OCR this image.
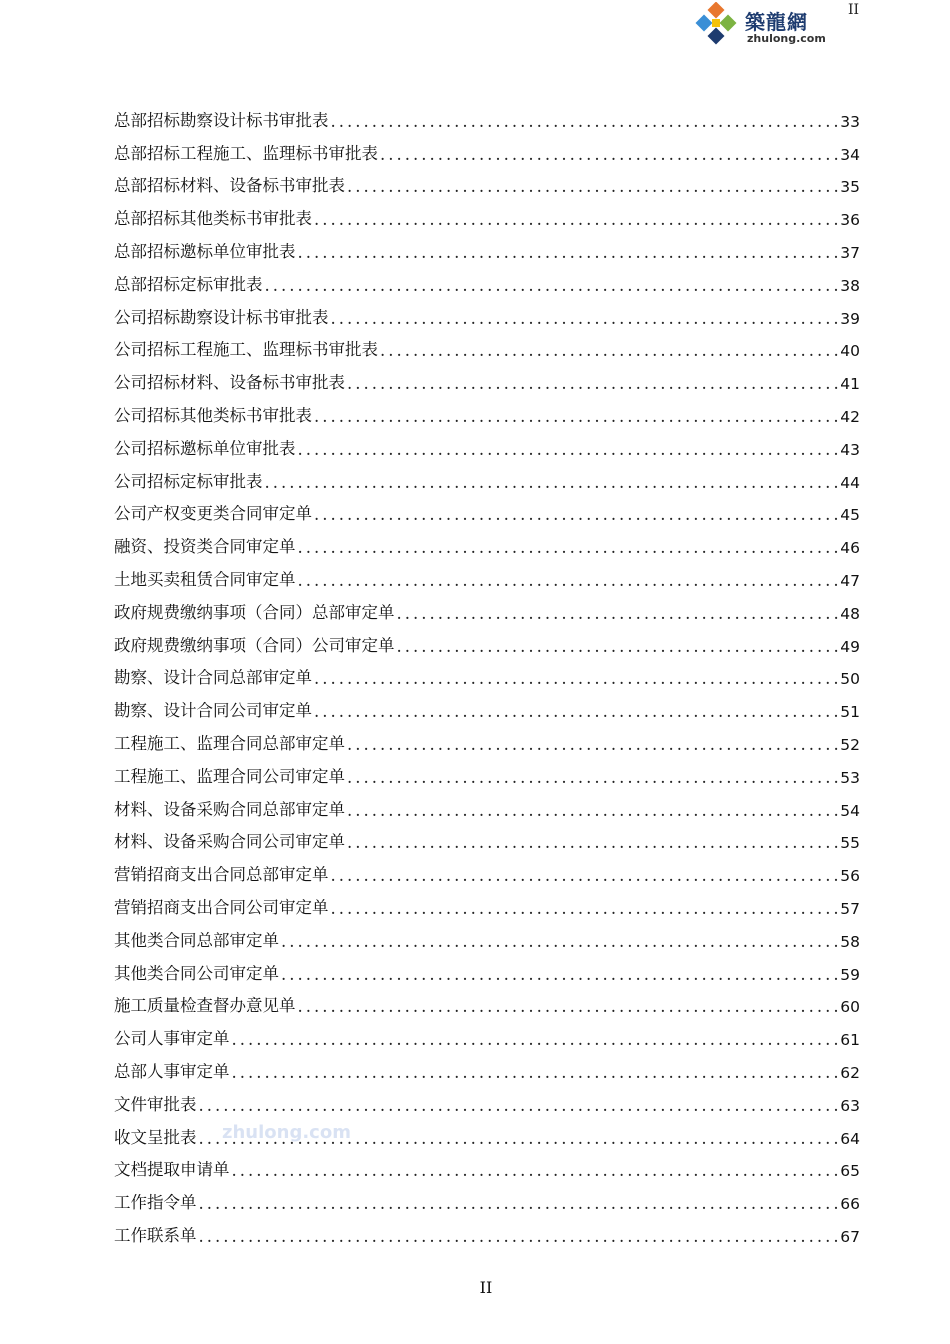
築龍網
zhulong.com
II
总部招标勘察设计标书审批表 .....	33
总部招标工程施工、监理标书审批表 .....	34
总部招标材料、设备标书审批表 .....	35
总部招标其他类标书审批表 .....	36
总部招标邀标单位审批表 .....	37
总部招标定标审批表 .....	38
公司招标勘察设计标书审批表 .....	39
公司招标工程施工、监理标书审批表 .....	40
公司招标材料、设备标书审批表 .....	41
公司招标其他类标书审批表 .....	42
公司招标邀标单位审批表 .....	43
公司招标定标审批表 .....	44
公司产权变更类合同审定单 .....	45
融资、投资类合同审定单 .....	46
土地买卖租赁合同审定单 .....	47
政府规费缴纳事项（合同）总部审定单 .....	48
政府规费缴纳事项（合同）公司审定单 .....	49
勘察、设计合同总部审定单 .....	50
勘察、设计合同公司审定单 .....	51
工程施工、监理合同总部审定单 .....	52
工程施工、监理合同公司审定单 .....	53
材料、设备采购合同总部审定单 .....	54
材料、设备采购合同公司审定单 .....	55
营销招商支出合同总部审定单 .....	56
营销招商支出合同公司审定单 .....	57
其他类合同总部审定单 .....	58
其他类合同公司审定单 .....	59
施工质量检查督办意见单 .....	60
公司人事审定单 .....	61
总部人事审定单 .....	62
文件审批表 .....	63
收文呈批表 .....	64
文档提取申请单 .....	65
工作指令单 .....	66
工作联系单 .....	67
zhulong.com
II
